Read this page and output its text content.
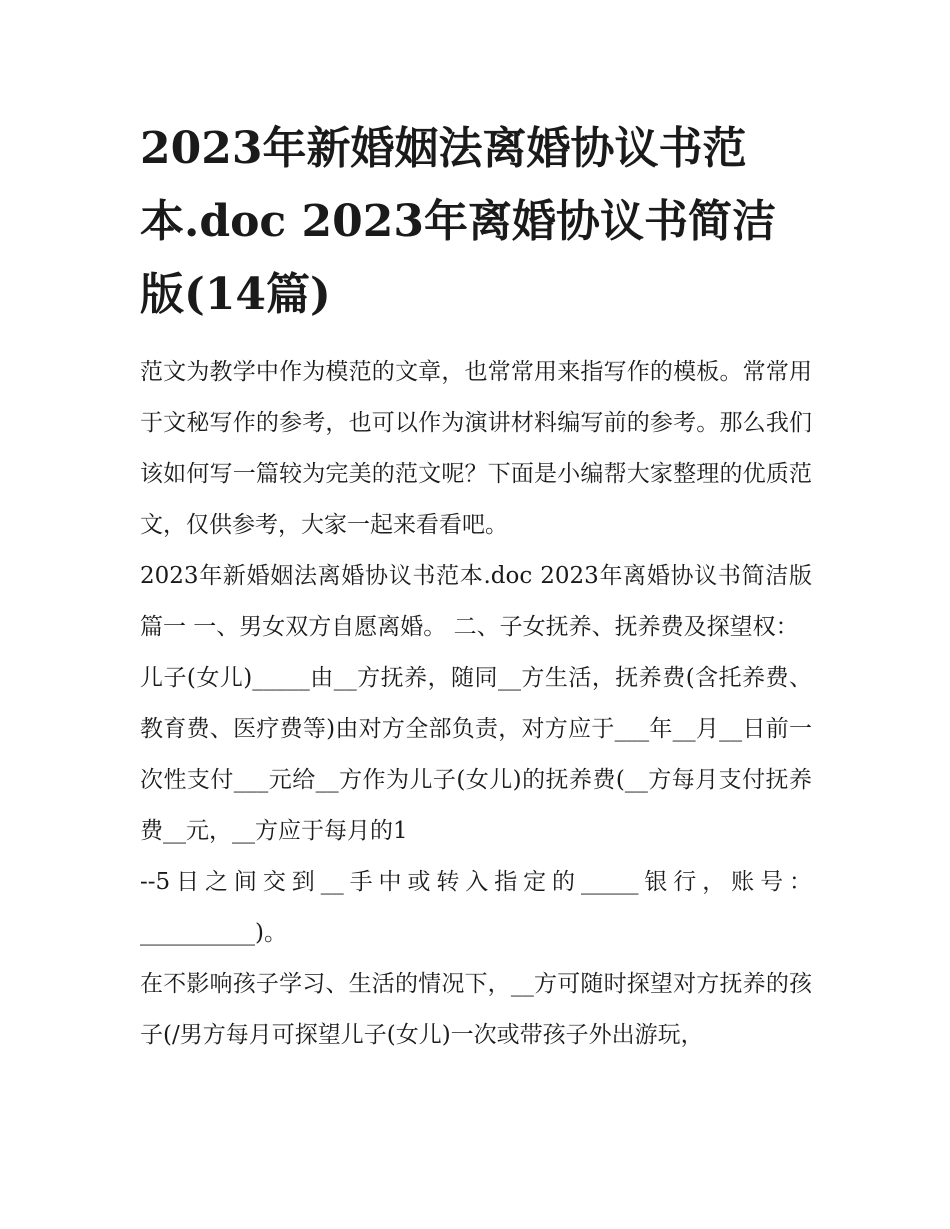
2023年新婚姻法离婚协议书范本.doc 2023年离婚协议书简洁版(14篇)

范文为教学中作为模范的文章，也常常用来指写作的模板。常常用于文秘写作的参考，也可以作为演讲材料编写前的参考。那么我们该如何写一篇较为完美的范文呢？下面是小编帮大家整理的优质范文，仅供参考，大家一起来看看吧。

2023年新婚姻法离婚协议书范本.doc 2023年离婚协议书简洁版篇一 一、男女双方自愿离婚。 二、子女抚养、抚养费及探望权：

儿子(女儿)_____由__方抚养，随同__方生活，抚养费(含托养费、教育费、医疗费等)由对方全部负责，对方应于___年__月__日前一次性支付___元给__方作为儿子(女儿)的抚养费(__方每月支付抚养费__元，__方应于每月的1

--5日之间交到__手中或转入指定的_____银行，账号：__________)。

在不影响孩子学习、生活的情况下，__方可随时探望对方抚养的孩子(/男方每月可探望儿子(女儿)一次或带孩子外出游玩，
